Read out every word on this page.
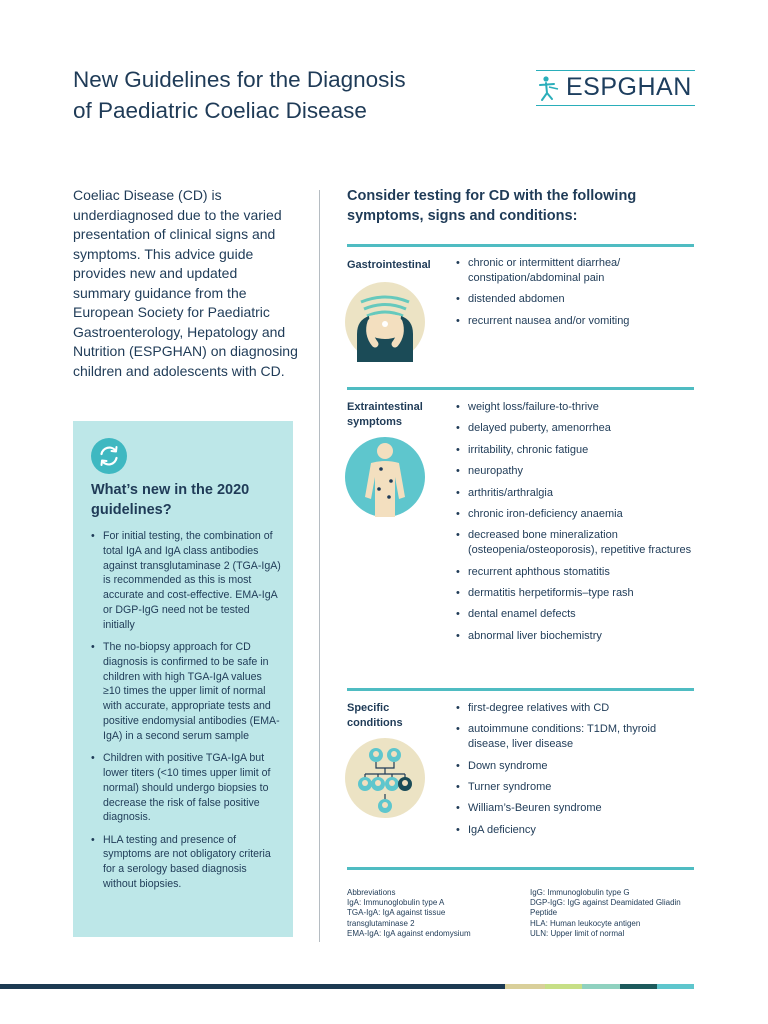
New Guidelines for the Diagnosis
of Paediatric Coeliac Disease
ESPGHAN

Coeliac Disease (CD) is underdiagnosed due to the varied presentation of clinical signs and symptoms. This advice guide provides new and updated summary guidance from the European Society for Paediatric Gastroenterology, Hepatology and Nutrition (ESPGHAN) on diagnosing children and adolescents with CD.

What’s new in the 2020 guidelines?
• For initial testing, the combination of total IgA and IgA class antibodies against transglutaminase 2 (TGA-IgA) is recommended as this is most accurate and cost-effective. EMA-IgA or DGP-IgG need not be tested initially
• The no-biopsy approach for CD diagnosis is confirmed to be safe in children with high TGA-IgA values ≥10 times the upper limit of normal with accurate, appropriate tests and positive endomysial antibodies (EMA-IgA) in a second serum sample
• Children with positive TGA-IgA but lower titers (<10 times upper limit of normal) should undergo biopsies to decrease the risk of false positive diagnosis.
• HLA testing and presence of symptoms are not obligatory criteria for a serology based diagnosis without biopsies.
Consider testing for CD with the following symptoms, signs and conditions:
Gastrointestinal
•	chronic or intermittent diarrhea/ constipation/abdominal pain
• distended abdomen
• recurrent nausea and/or vomiting
Extraintestinal symptoms
• weight loss/failure-to-thrive
• delayed puberty, amenorrhea
• irritability, chronic fatigue
• neuropathy
• arthritis/arthralgia
• chronic iron-deficiency anaemia
• decreased bone mineralization (osteopenia/osteoporosis), repetitive fractures
• recurrent aphthous stomatitis
• dermatitis herpetiformis–type rash
• dental enamel defects
• abnormal liver biochemistry
Specific conditions
• first-degree relatives with CD
• autoimmune conditions: T1DM, thyroid disease, liver disease
• Down syndrome
• Turner syndrome
• William’s-Beuren syndrome
• IgA deficiency
Abbreviations
IgA: Immunoglobulin type A
TGA-IgA: IgA against tissue transglutaminase 2
EMA-IgA: IgA against endomysium
IgG: Immunoglobulin type G
DGP-IgG: IgG against Deamidated Gliadin Peptide
HLA: Human leukocyte antigen
ULN: Upper limit of normal
